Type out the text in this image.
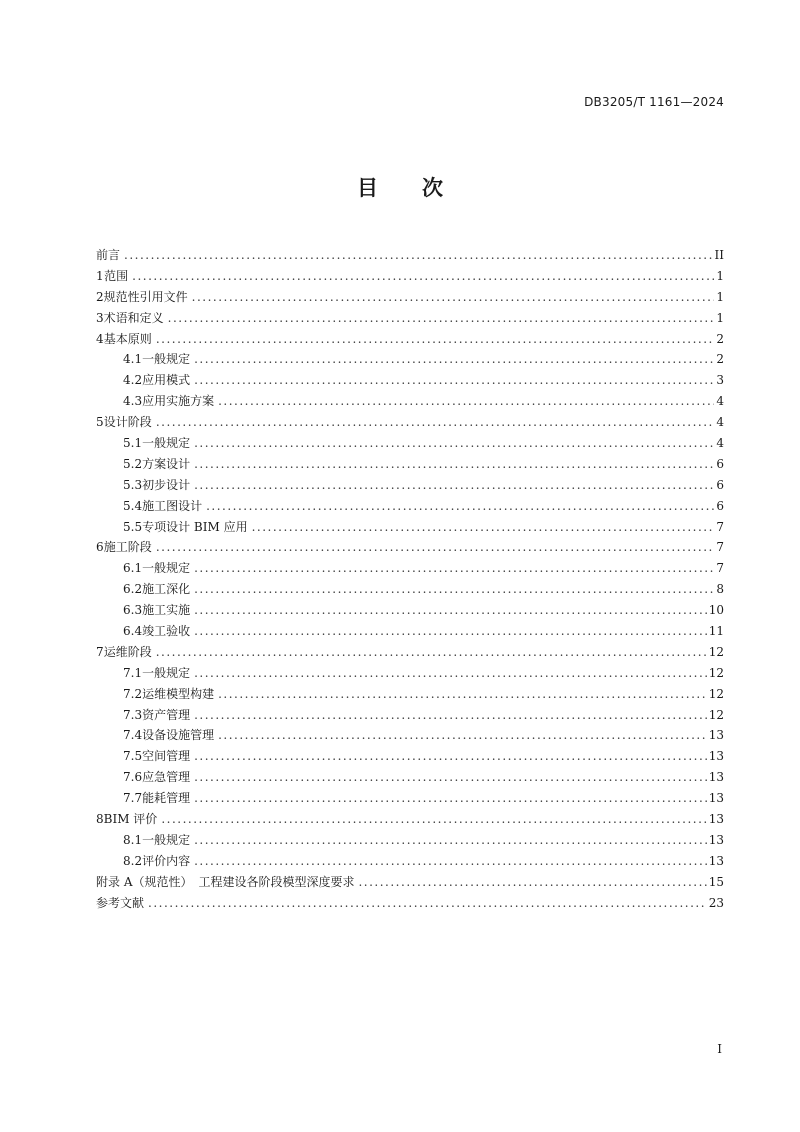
DB3205/T 1161—2024
目 次
前言 .....	II
1 范围 .....	1
2 规范性引用文件 .....	1
3 术语和定义 .....	1
4 基本原则 .....	2
4.1 一般规定 .....	2
4.2 应用模式 .....	3
4.3 应用实施方案 .....	4
5 设计阶段 .....	4
5.1 一般规定 .....	4
5.2 方案设计 .....	6
5.3 初步设计 .....	6
5.4 施工图设计 .....	6
5.5 专项设计 BIM 应用 .....	7
6 施工阶段 .....	7
6.1 一般规定 .....	7
6.2 施工深化 .....	8
6.3 施工实施 .....	10
6.4 竣工验收 .....	11
7 运维阶段 .....	12
7.1 一般规定 .....	12
7.2 运维模型构建 .....	12
7.3 资产管理 .....	12
7.4 设备设施管理 .....	13
7.5 空间管理 .....	13
7.6 应急管理 .....	13
7.7 能耗管理 .....	13
8 BIM 评价 .....	13
8.1 一般规定 .....	13
8.2 评价内容 .....	13
附录 A（规范性）　工程建设各阶段模型深度要求 .....	15
参考文献 .....	23
I
